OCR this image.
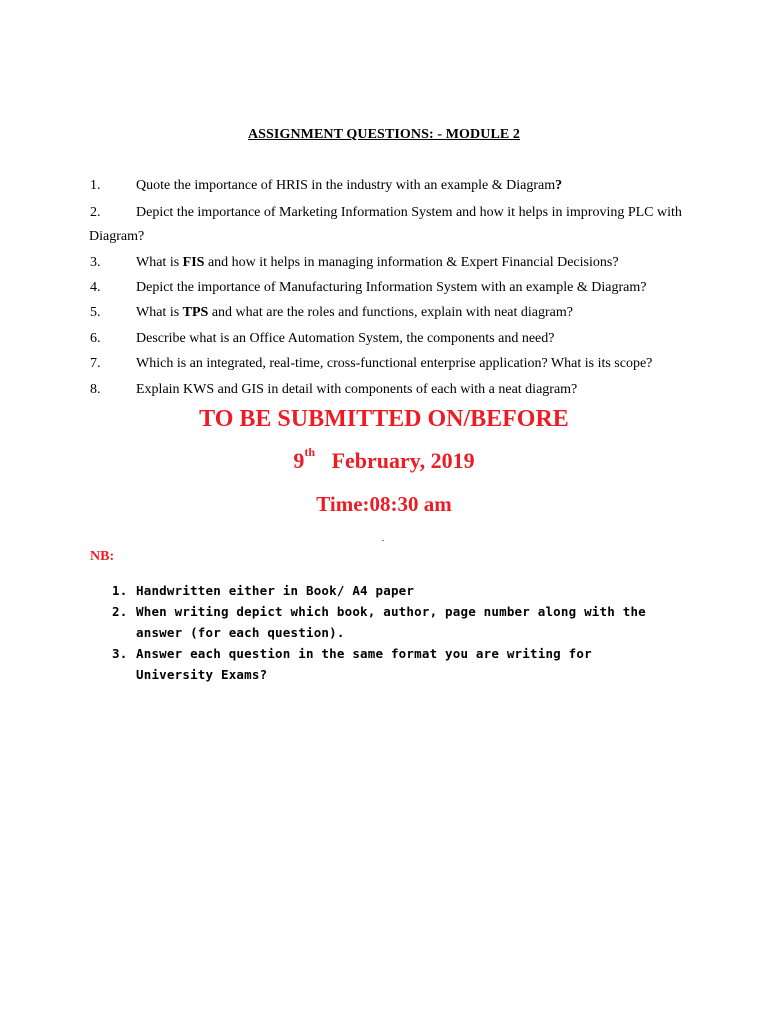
ASSIGNMENT QUESTIONS: - MODULE 2
1.	Quote the importance of HRIS in the industry with an example & Diagram?
2.	Depict the importance of Marketing Information System and how it helps in improving PLC with
Diagram?
3.	What is FIS and how it helps in managing information & Expert Financial Decisions?
4.	Depict the importance of Manufacturing Information System with an example & Diagram?
5.	What is TPS and what are the roles and functions, explain with neat diagram?
6.	Describe what is an Office Automation System, the components and need?
7.	Which is an integrated, real-time, cross-functional enterprise application? What is its scope?
8.	Explain KWS and GIS in detail with components of each with a neat diagram?
TO BE SUBMITTED ON/BEFORE
9th February, 2019
Time:08:30 am
NB:
1. Handwritten either in Book/ A4 paper
2. When writing depict which book, author, page number along with the answer (for each question).
3. Answer each question in the same format you are writing for University Exams?
